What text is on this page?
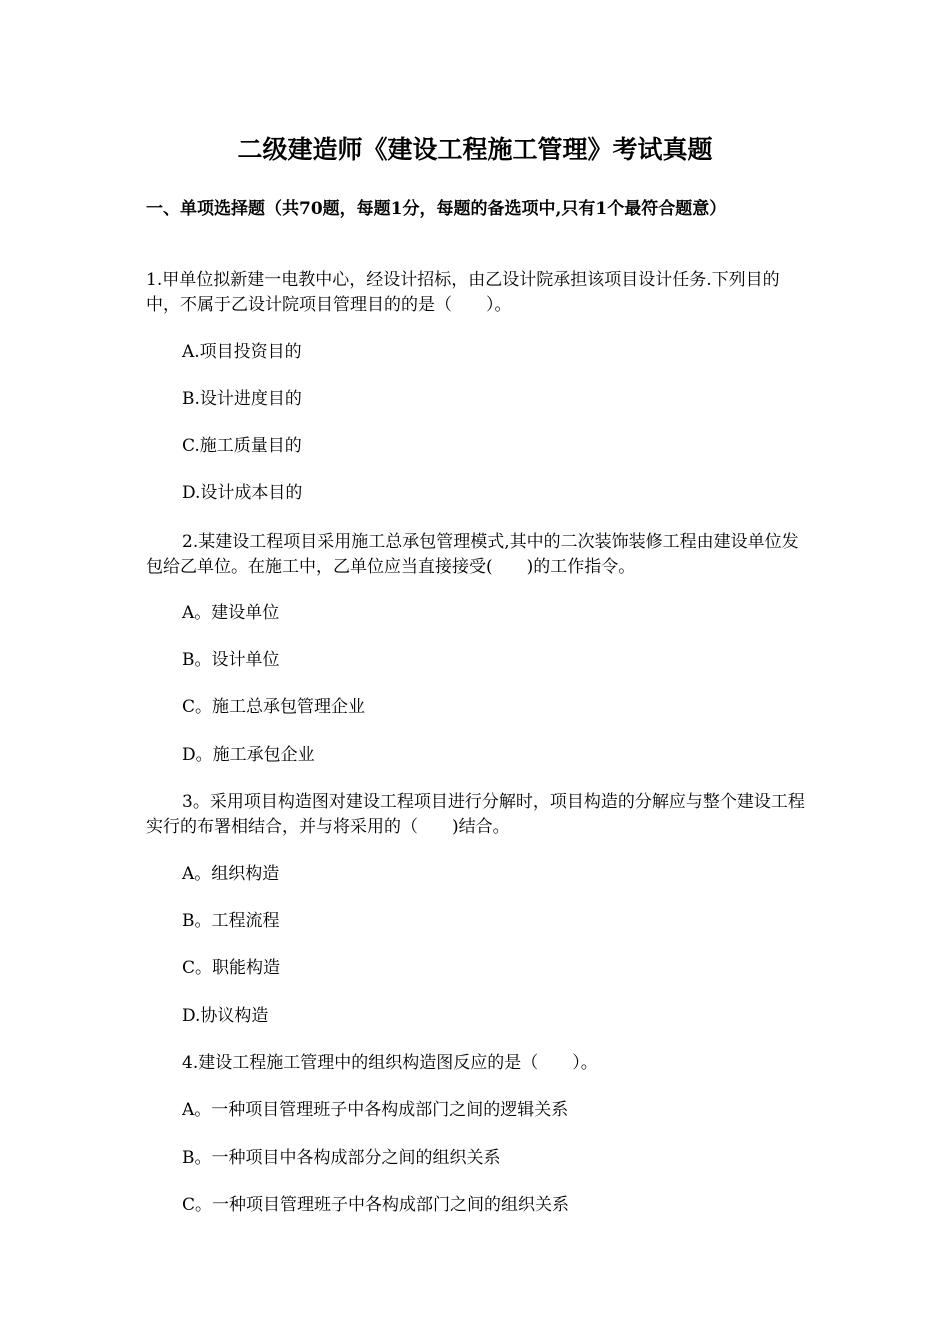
二级建造师《建设工程施工管理》考试真题
一、单项选择题（共70题，每题1分，每题的备选项中,只有1个最符合题意）
1.甲单位拟新建一电教中心，经设计招标，由乙设计院承担该项目设计任务.下列目的中，不属于乙设计院项目管理目的的是（　　）。
A.项目投资目的
B.设计进度目的
C.施工质量目的
D.设计成本目的
2.某建设工程项目采用施工总承包管理模式,其中的二次装饰装修工程由建设单位发包给乙单位。在施工中，乙单位应当直接接受(　　)的工作指令。
A。建设单位
B。设计单位
C。施工总承包管理企业
D。施工承包企业
3。采用项目构造图对建设工程项目进行分解时，项目构造的分解应与整个建设工程实行的布署相结合，并与将采用的（　　)结合。
A。组织构造
B。工程流程
C。职能构造
D.协议构造
4.建设工程施工管理中的组织构造图反应的是（　　）。
A。一种项目管理班子中各构成部门之间的逻辑关系
B。一种项目中各构成部分之间的组织关系
C。一种项目管理班子中各构成部门之间的组织关系
